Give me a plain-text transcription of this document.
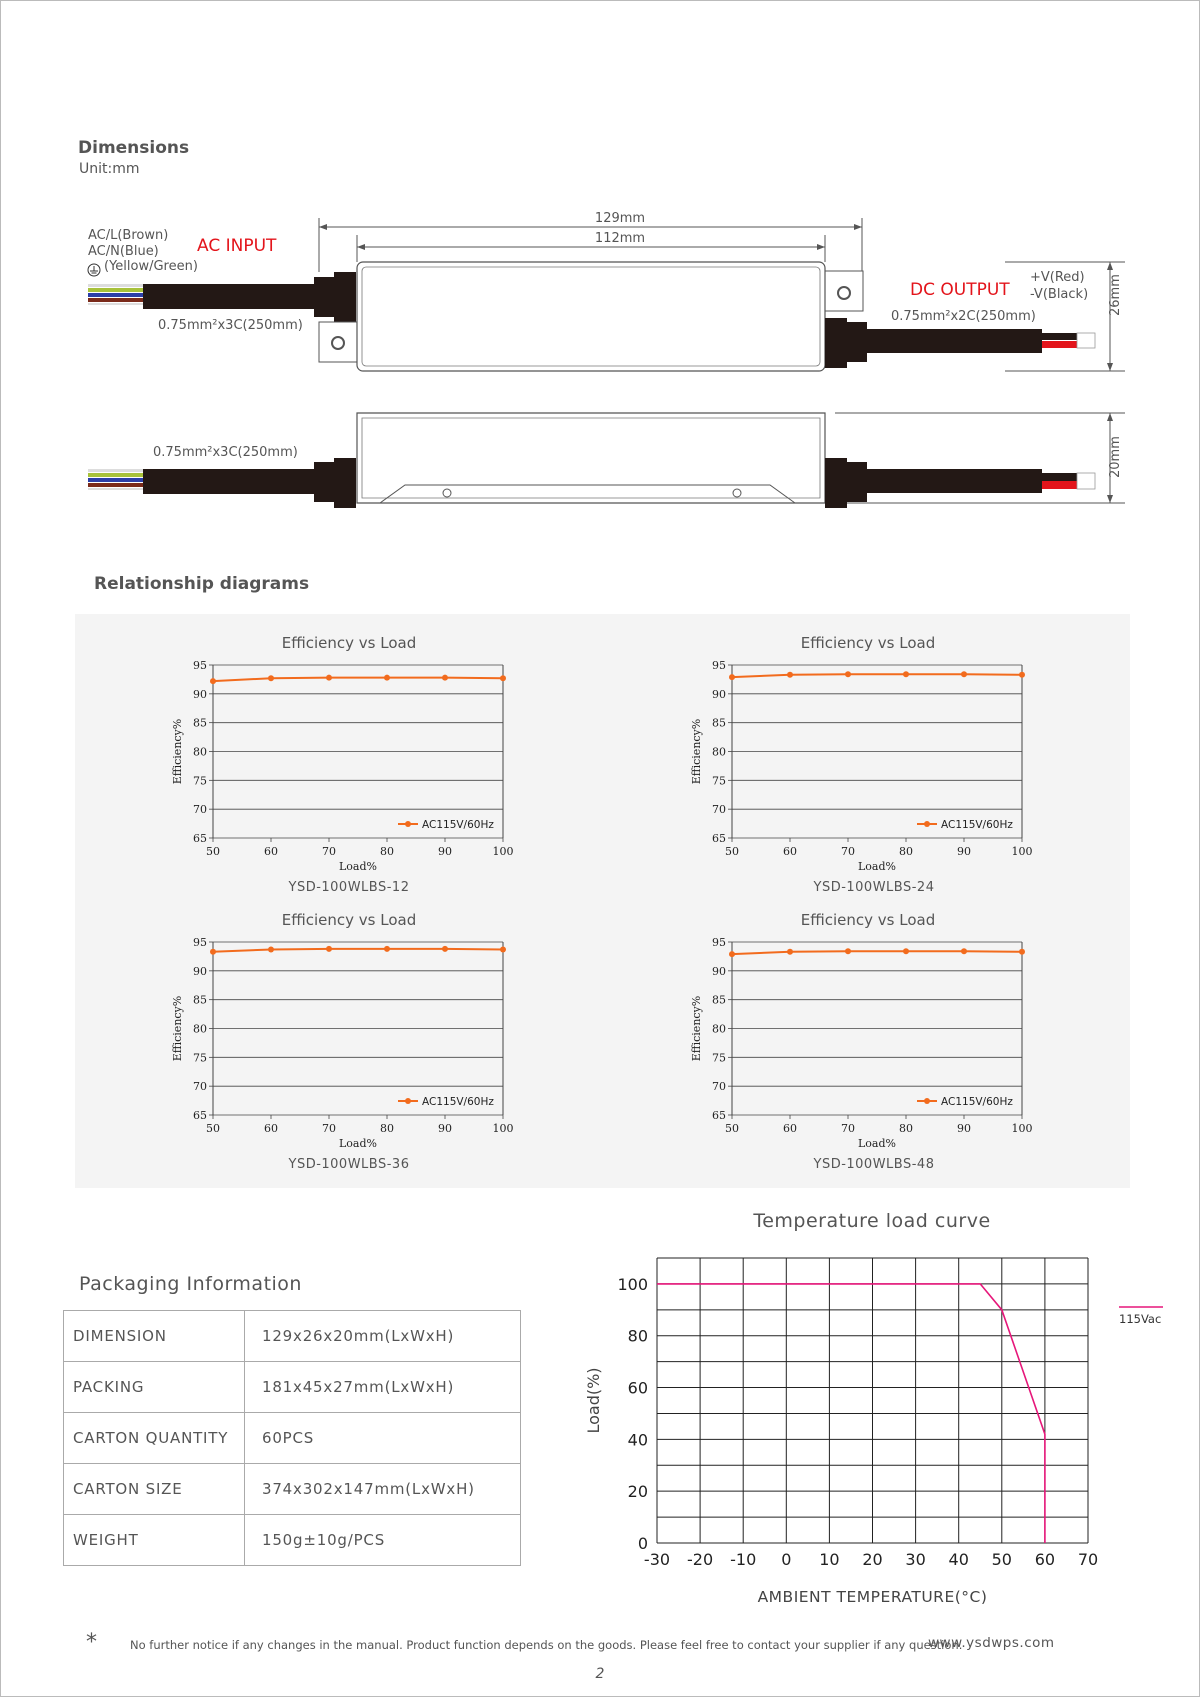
Dimensions
Unit:mm
AC/L(Brown)
AC/N(Blue)
(Yellow/Green)
AC INPUT
DC OUTPUT
+V(Red)
-V(Black)
129mm
112mm
0.75mm²x3C(250mm)
0.75mm²x2C(250mm)
0.75mm²x3C(250mm)
26mm
20mm
Relationship diagrams
Efficiency vs Load	Efficiency vs Load
Efficiency vs Load	Efficiency vs Load
YSD-100WLBS-12	YSD-100WLBS-24
YSD-100WLBS-36	YSD-100WLBS-48
95
90
85
80
75
70
65
50	60	70	80	90	100
Load%
Efficiency%
AC115V/60Hz
95
90
85
80
75
70
65
50	60	70	80	90	100
Load%
Efficiency%
AC115V/60Hz
95
90
85
80
75
70
65
50	60	70	80	90	100
Load%
Efficiency%
AC115V/60Hz
95
90
85
80
75
70
65
50	60	70	80	90	100
Load%
Efficiency%
AC115V/60Hz
Packaging Information
DIMENSION	129x26x20mm(LxWxH)
PACKING	181x45x27mm(LxWxH)
CARTON QUANTITY	60PCS
CARTON SIZE	374x302x147mm(LxWxH)
WEIGHT	150g±10g/PCS
Temperature load curve
100
80
60
40
20
0
-30 -20 -10 0 10 20 30 40 50 60 70
AMBIENT TEMPERATURE(°C)
Load(%)
115Vac
*	No further notice if any changes in the manual. Product function depends on the goods. Please feel free to contact your supplier if any question.
www.ysdwps.com
2
